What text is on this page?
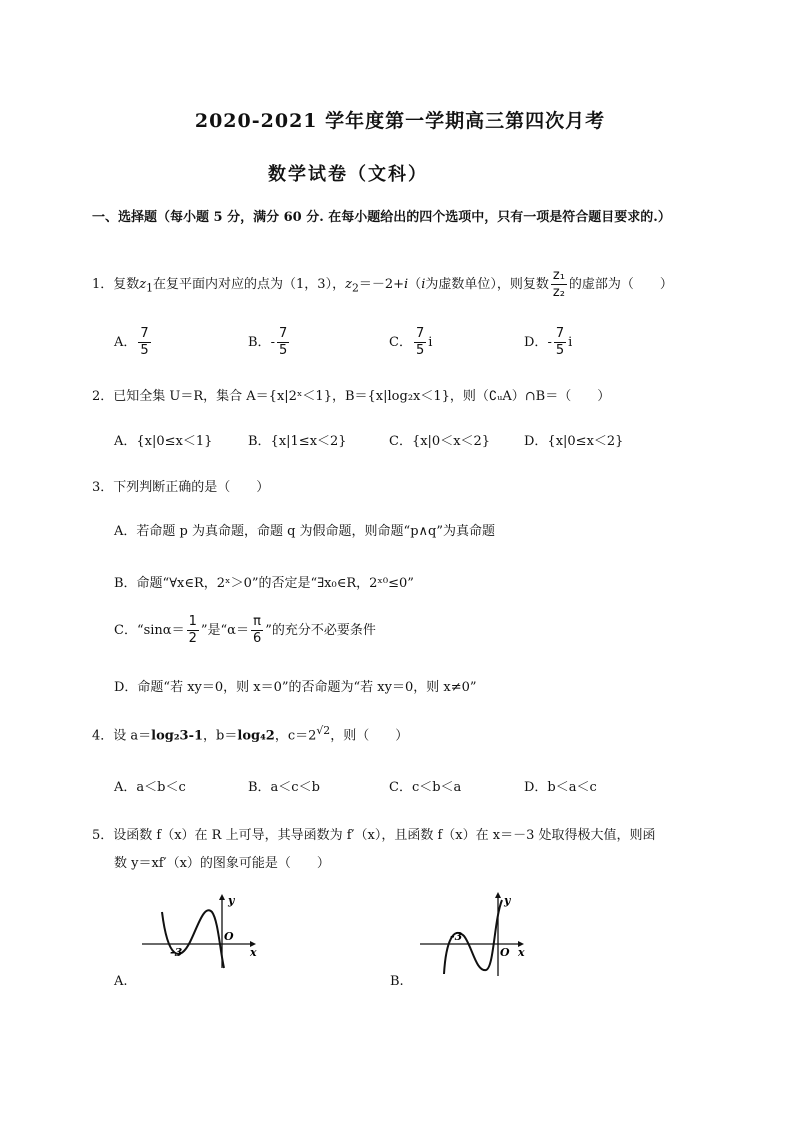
2020-2021 学年度第一学期高三第四次月考
数学试卷（文科）
一、选择题（每小题 5 分，满分 60 分. 在每小题给出的四个选项中，只有一项是符合题目要求的.）
1．复数$z_1$在复平面内对应的点为（1，3），$z_2=-2+i(i$为虚数单位），则复数 $\frac{\text{z₁}}{\text{z₂}}$ 的虚部为（　　）
A． $\frac{7}{5}$	B．- $\frac{7}{5}$	C． $\frac{7}{5}$ i	D．- $\frac{7}{5}$ i
2．已知全集 U＝R，集合 A＝{x|2ˣ＜1}，B＝{x|log₂x＜1}，则（∁ᵤA）∩B＝（　　）
A．{x|0≤x＜1}	B．{x|1≤x＜2}	C．{x|0＜x＜2}	D．{x|0≤x＜2}
3．下列判断正确的是（　　）
A．若命题 p 为真命题，命题 q 为假命题，则命题“p∧q”为真命题
B．命题“∀x∈R，2ˣ＞0”的否定是“∃x₀∈R，2ˣ⁰≤0”
C．“$\sin\alpha= \frac{1}{2}$ ”是“$\alpha= \frac{\pi}{6}$ ”的充分不必要条件
D．命题“若 xy＝0，则 x＝0”的否命题为“若 xy＝0，则 x≠0”
4．设 a＝log₂3-1，b＝log₄2，$c=2^{√2}$，则（　　）
A．a＜b＜c	B．a＜c＜b	C．c＜b＜a	D．b＜a＜c
5．设函数 f（x）在 R 上可导，其导函数为 f′（x），且函数 f（x）在 x＝－3 处取得极大值，则函
数 y＝xf′（x）的图象可能是（　　）
y
x
O
-3
A.
y
x
O
-3
B.
